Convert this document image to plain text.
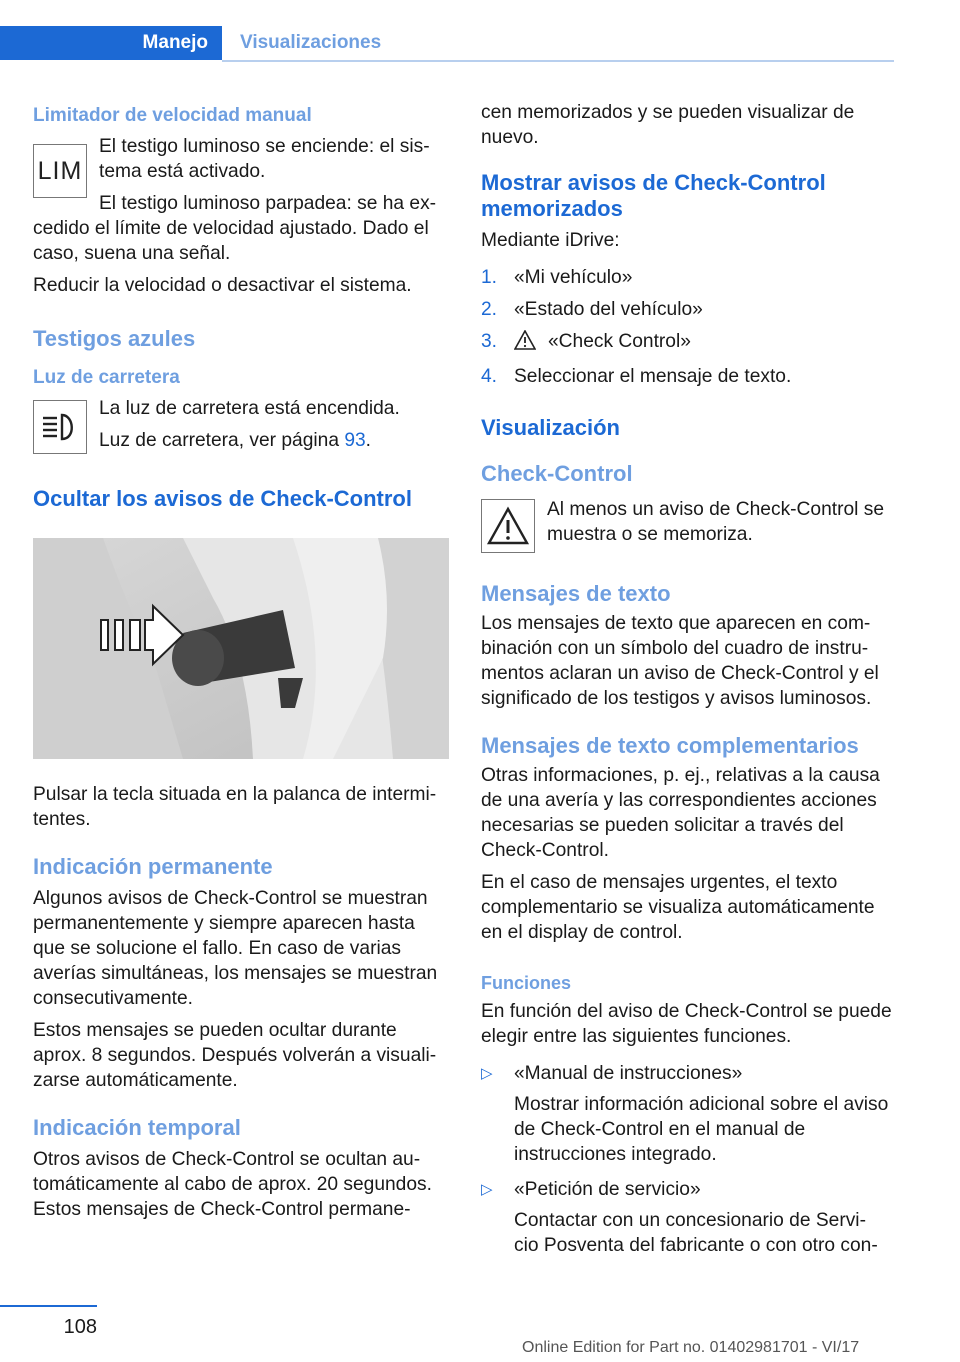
Manejo	Visualizaciones
Limitador de velocidad manual
LIM

El testigo luminoso se enciende: el sis- tema está activado.

El testigo luminoso parpadea: se ha ex- cedido el límite de velocidad ajustado. Dado el caso, suena una señal.

Reducir la velocidad o desactivar el sistema.

Testigos azules
Luz de carretera

La luz de carretera está encendida.

Luz de carretera, ver página 93.

Ocultar los avisos de Check-Control

Pulsar la tecla situada en la palanca de intermi- tentes.

Indicación permanente

Algunos avisos de Check-Control se muestran permanentemente y siempre aparecen hasta que se solucione el fallo. En caso de varias averías simultáneas, los mensajes se muestran consecutivamente.

Estos mensajes se pueden ocultar durante aprox. 8 segundos. Después volverán a visuali- zarse automáticamente.

Indicación temporal

Otros avisos de Check-Control se ocultan au- tomáticamente al cabo de aprox. 20 segundos. Estos mensajes de Check-Control permane-

cen memorizados y se pueden visualizar de nuevo.

Mostrar avisos de Check-Control memorizados

Mediante iDrive:

1. «Mi vehículo»
2. «Estado del vehículo»
3.	«Check Control»
4. Seleccionar el mensaje de texto.
Visualización
Check-Control

Al menos un aviso de Check-Control se muestra o se memoriza.

Mensajes de texto

Los mensajes de texto que aparecen en com- binación con un símbolo del cuadro de instru- mentos aclaran un aviso de Check-Control y el significado de los testigos y avisos luminosos.

Mensajes de texto complementarios

Otras informaciones, p. ej., relativas a la causa de una avería y las correspondientes acciones necesarias se pueden solicitar a través del Check-Control.

En el caso de mensajes urgentes, el texto complementario se visualiza automáticamente en el display de control.

Funciones

En función del aviso de Check-Control se puede elegir entre las siguientes funciones.

▷ «Manual de instrucciones»
Mostrar información adicional sobre el aviso de Check-Control en el manual de instrucciones integrado.
▷ «Petición de servicio»
Contactar con un concesionario de Servi- cio Posventa del fabricante o con otro con-
108
Online Edition for Part no. 01402981701 - VI/17
